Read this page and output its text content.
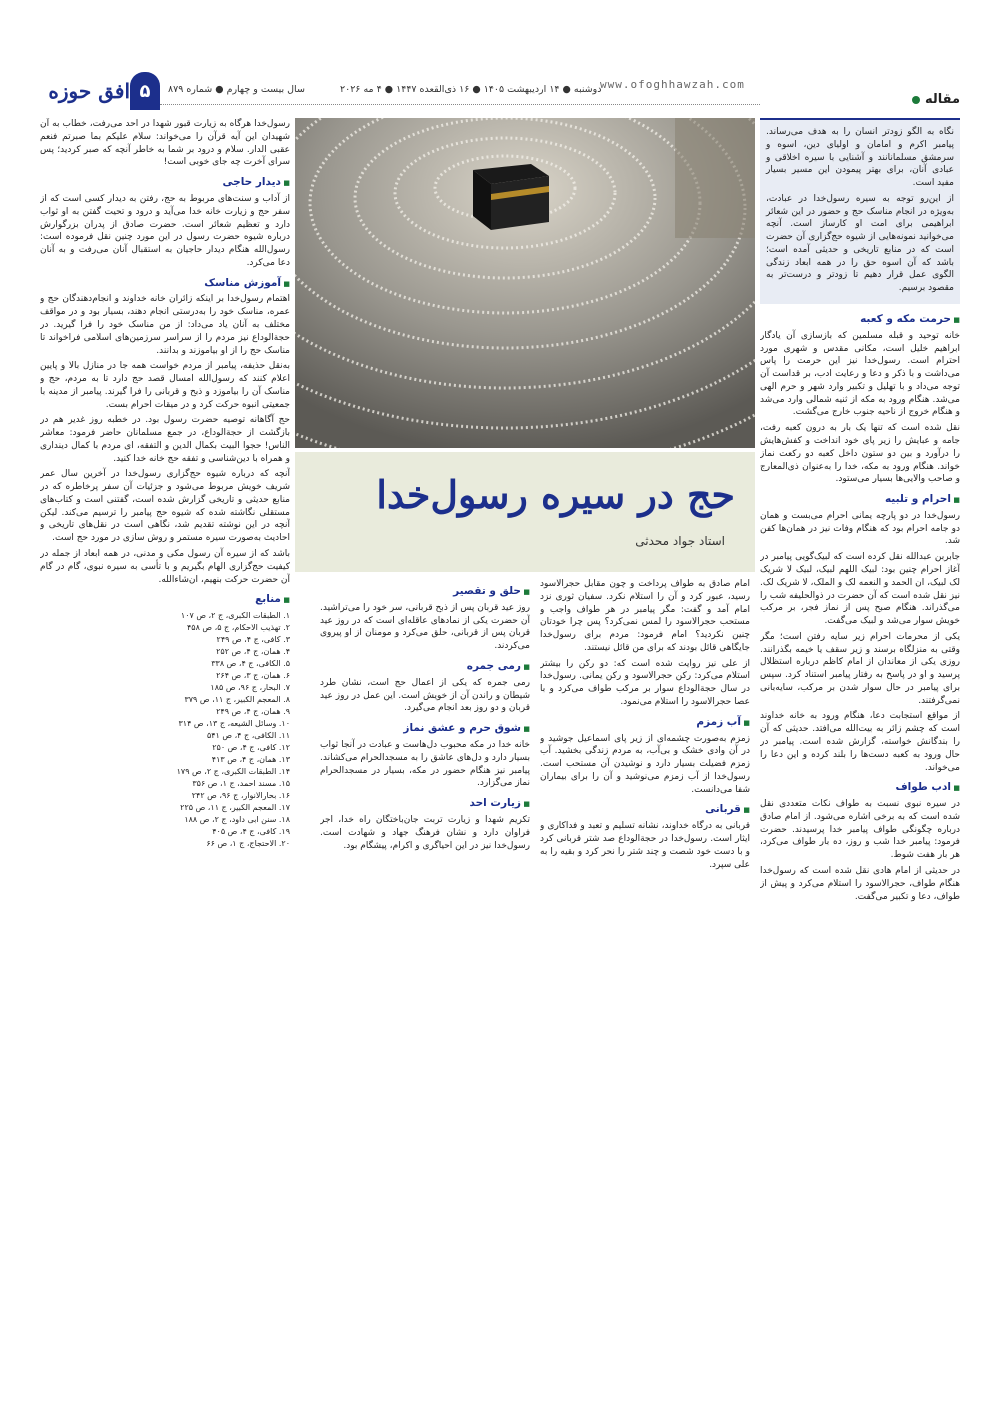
۵
افق حوزه	سال بیست و چهارم ● شماره ۸۷۹	دوشنبه ● ۱۴ اردیبهشت ۱۴۰۵ ● ۱۶ ذی‌القعده ۱۴۴۷ ● ۴ مه ۲۰۲۶
www.ofoghhawzah.com
مقاله

نگاه به الگو زودتر انسان را به هدف می‌رساند. پیامبر اکرم و امامان و اولیای دین، اسوه و سرمشق مسلمانانند و آشنایی با سیره اخلاقی و عبادی آنان، برای بهتر پیمودن این مسیر بسیار مفید است.

از این‌رو توجه به سیره رسول‌خدا در عبادت، به‌ویژه در انجام مناسک حج و حضور در این شعائر ابراهیمی برای امت او کارساز است. آنچه می‌خوانید نمونه‌هایی از شیوه حج‌گزاری آن حضرت است که در منابع تاریخی و حدیثی آمده است؛ باشد که آن اسوه حق را در همه ابعاد زندگی الگوی عمل قرار دهیم تا زودتر و درست‌تر به مقصود برسیم.

■ حرمت مکه و کعبه

خانه توحید و قبله مسلمین که بازسازی آن یادگار ابراهیم خلیل است، مکانی مقدس و شهری مورد احترام است. رسول‌خدا نیز این حرمت را پاس می‌داشت و با ذکر و دعا و رعایت ادب، بر قداست آن توجه می‌داد و با تهلیل و تکبیر وارد شهر و حرم الهی می‌شد. هنگام ورود به مکه از ثنیه شمالی وارد می‌شد و هنگام خروج از ناحیه جنوب خارج می‌گشت.

نقل شده است که تنها یک بار به درون کعبه رفت، جامه و عبایش را زیر پای خود انداخت و کفش‌هایش را درآورد و بین دو ستون داخل کعبه دو رکعت نماز خواند. هنگام ورود به مکه، خدا را به‌عنوان ذی‌المعارج و صاحب والایی‌ها بسیار می‌ستود.

■ احرام و تلبیه

رسول‌خدا در دو پارچه یمانی احرام می‌بست و همان دو جامه احرام بود که هنگام وفات نیز در همان‌ها کفن شد.

جابربن عبدالله نقل کرده است که لبیک‌گویی پیامبر در آغاز احرام چنین بود: لبیک اللهم لبیک، لبیک لا شریک لک لبیک، ان الحمد و النعمه لک و الملک، لا شریک لک. نیز نقل شده است که آن حضرت در ذوالحلیفه شب را می‌گذراند. هنگام صبح پس از نماز فجر، بر مرکب خویش سوار می‌شد و لبیک می‌گفت.

یکی از محرمات احرام زیر سایه رفتن است؛ مگر وقتی به منزلگاه برسند و زیر سقف یا خیمه بگذرانند. روزی یکی از معاندان از امام کاظم درباره استظلال پرسید و او در پاسخ به رفتار پیامبر استناد کرد. سپس برای پیامبر در حال سوار شدن بر مرکب، سایه‌بانی نمی‌گرفتند.

از مواقع استجابت دعا، هنگام ورود به خانه خداوند است که چشم زائر به بیت‌الله می‌افتد. حدیثی که آن را بندگانش خواسته، گزارش شده است. پیامبر در حال ورود به کعبه دست‌ها را بلند کرده و این دعا را می‌خواند.

■ ادب طواف

در سیره نبوی نسبت به طواف نکات متعددی نقل شده است که به برخی اشاره می‌شود. از امام صادق درباره چگونگی طواف پیامبر خدا پرسیدند. حضرت فرمود: پیامبر خدا شب و روز، ده بار طواف می‌کرد، هر بار هفت شوط.

در حدیثی از امام هادی نقل شده است که رسول‌خدا هنگام طواف، حجرالاسود را استلام می‌کرد و پیش از طواف، دعا و تکبیر می‌گفت.

حج در سیره رسول‌خدا
استاد جواد محدثی

امام صادق به طواف پرداخت و چون مقابل حجرالاسود رسید، عبور کرد و آن را استلام نکرد. سفیان ثوری نزد امام آمد و گفت: مگر پیامبر در هر طواف واجب و مستحب حجرالاسود را لمس نمی‌کرد؟ پس چرا خودتان چنین نکردید؟ امام فرمود: مردم برای رسول‌خدا جایگاهی قائل بودند که برای من قائل نیستند.

از علی نیز روایت شده است که: دو رکن را بیشتر استلام می‌کرد: رکن حجرالاسود و رکن یمانی. رسول‌خدا در سال حجة‌الوداع سوار بر مرکب طواف می‌کرد و با عصا حجرالاسود را استلام می‌نمود.

■ آب زمزم

زمزم به‌صورت چشمه‌ای از زیر پای اسماعیل جوشید و در آن وادی خشک و بی‌آب، به مردم زندگی بخشید. آب زمزم فضیلت بسیار دارد و نوشیدن آن مستحب است. رسول‌خدا از آب زمزم می‌نوشید و آن را برای بیماران شفا می‌دانست.

■ قربانی

قربانی به درگاه خداوند، نشانه تسلیم و تعبد و فداکاری و ایثار است. رسول‌خدا در حجة‌الوداع صد شتر قربانی کرد و با دست خود شصت و چند شتر را نحر کرد و بقیه را به علی سپرد.

■ حلق و تقصیر

روز عید قربان پس از ذبح قربانی، سر خود را می‌تراشید. آن حضرت یکی از نمادهای عاقله‌ای است که در روز عید قربان پس از قربانی، حلق می‌کرد و مومنان از او پیروی می‌کردند.

■ رمی جمره

رمی جمره که یکی از اعمال حج است، نشان طرد شیطان و راندن آن از خویش است. این عمل در روز عید قربان و دو روز بعد انجام می‌گیرد.

■ شوق حرم و عشق نماز

خانه خدا در مکه محبوب دل‌هاست و عبادت در آنجا ثواب بسیار دارد و دل‌های عاشق را به مسجدالحرام می‌کشاند. پیامبر نیز هنگام حضور در مکه، بسیار در مسجدالحرام نماز می‌گزارد.

■ زیارت احد

تکریم شهدا و زیارت تربت جان‌باختگان راه خدا، اجر فراوان دارد و نشان فرهنگ جهاد و شهادت است. رسول‌خدا نیز در این احیاگری و اکرام، پیشگام بود.

رسول‌خدا هرگاه به زیارت قبور شهدا در احد می‌رفت، خطاب به آن شهیدان این آیه قرآن را می‌خواند: سلام علیکم بما صبرتم فنعم عقبی الدار. سلام و درود بر شما به خاطر آنچه که صبر کردید؛ پس سرای آخرت چه جای خوبی است!

■ دیدار حاجی

از آداب و سنت‌های مربوط به حج، رفتن به دیدار کسی است که از سفر حج و زیارت خانه خدا می‌آید و درود و تحیت گفتن به او ثواب دارد و تعظیم شعائر است. حضرت صادق از پدران بزرگوارش درباره شیوه حضرت رسول در این مورد چنین نقل فرموده است: رسول‌الله هنگام دیدار حاجیان به استقبال آنان می‌رفت و به آنان دعا می‌کرد.

■ آموزش مناسک

اهتمام رسول‌خدا بر اینکه زائران خانه خداوند و انجام‌دهندگان حج و عمره، مناسک خود را به‌درستی انجام دهند، بسیار بود و در مواقف مختلف به آنان یاد می‌داد: از من مناسک خود را فرا گیرید. در حجة‌الوداع نیز مردم را از سراسر سرزمین‌های اسلامی فراخواند تا مناسک حج را از او بیاموزند و بدانند.

به‌نقل حذیفه، پیامبر از مردم خواست همه جا در منازل بالا و پایین اعلام کنند که رسول‌الله امسال قصد حج دارد تا به مردم، حج و مناسک آن را بیاموزد و ذبح و قربانی را فرا گیرند. پیامبر از مدینه با جمعیتی انبوه حرکت کرد و در میقات احرام بست.

حج آگاهانه توصیه حضرت رسول بود. در خطبه روز غدیر هم در بازگشت از حجة‌الوداع، در جمع مسلمانان حاضر فرمود: معاشر الناس! حجوا البیت بکمال الدین و التفقه، ای مردم با کمال دینداری و همراه با دین‌شناسی و تفقه حج خانه خدا کنید.

آنچه که درباره شیوه حج‌گزاری رسول‌خدا در آخرین سال عمر شریف خویش مربوط می‌شود و جزئیات آن سفر پرخاطره که در منابع حدیثی و تاریخی گزارش شده است، گفتنی است و کتاب‌های مستقلی نگاشته شده که شیوه حج پیامبر را ترسیم می‌کند. لیکن آنچه در این نوشته تقدیم شد، نگاهی است در نقل‌های تاریخی و احادیث به‌صورت سیره مستمر و روش سازی در مورد حج است.

باشد که از سیره آن رسول مکی و مدنی، در همه ابعاد از جمله در کیفیت حج‌گزاری الهام بگیریم و با تأسی به سیره نبوی، گام در گام آن حضرت حرکت بنهیم، ان‌شاءالله.

■ منابع
۱. الطبقات الکبری، ج ۲، ص ۱۰۷
۲. تهذیب الاحکام، ج ۵، ص ۴۵۸
۳. کافی، ج ۴، ص ۲۴۹
۴. همان، ج ۴، ص ۲۵۲
۵. الکافی، ج ۴، ص ۳۳۸
۶. همان، ج ۳، ص ۲۶۴
۷. البحار، ج ۹۶، ص ۱۸۵
۸. المعجم الکبیر، ج ۱۱، ص ۳۷۹
۹. همان، ج ۴، ص ۲۴۹
۱۰. وسائل الشیعه، ج ۱۳، ص ۳۱۴
۱۱. الکافی، ج ۴، ص ۵۴۱
۱۲. کافی، ج ۴، ص ۲۵۰
۱۳. همان، ج ۴، ص ۴۱۳
۱۴. الطبقات الکبری، ج ۲، ص ۱۷۹
۱۵. مسند احمد، ج ۱، ص ۳۵۶
۱۶. بحارالانوار، ج ۹۶، ص ۲۴۲
۱۷. المعجم الکبیر، ج ۱۱، ص ۲۲۵
۱۸. سنن ابی داود، ج ۲، ص ۱۸۸
۱۹. کافی، ج ۴، ص ۴۰۵
۲۰. الاحتجاج، ج ۱، ص ۶۶
